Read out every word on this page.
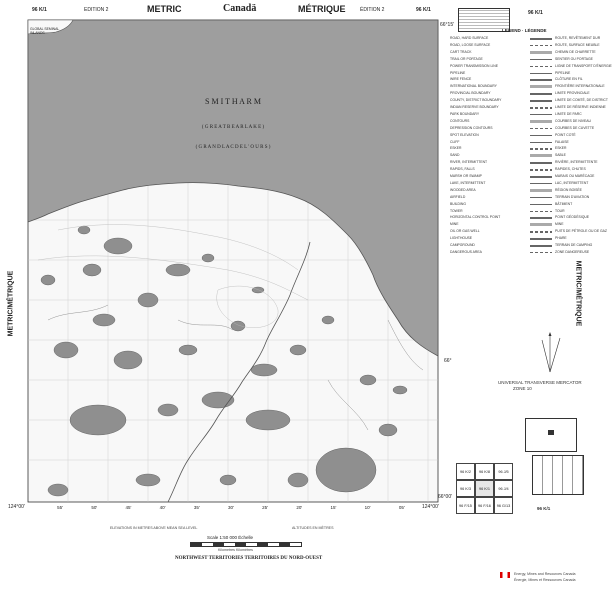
96 K/1	EDITION 2	METRIC	Canadä	MÉTRIQUE	ÉDITION 2	96 K/1	96 K/1
S M I T H A R M
( G R E A T B E A R L A K E )
( G R A N D L A C D E L ' O U R S )
66°15'
66°
124°00'	124°00'
66°00'
55'	50'	45'	40'	35'	30'	25'	20'	15'	10'	05'
METRIC/MÉTRIQUE	METRIC/MÉTRIQUE
LEGEND · LÉGENDE
ROAD, HARD SURFACE	ROUTE, REVÊTEMENT DUR
ROAD, LOOSE SURFACE	ROUTE, SURFACE MEUBLE
CART TRACK	CHEMIN DE CHARRETTE
TRAIL OR PORTAGE	SENTIER OU PORTAGE
POWER TRANSMISSION LINE	LIGNE DE TRANSPORT D'ÉNERGIE
PIPELINE	PIPELINE
WIRE FENCE	CLÔTURE EN FIL
INTERNATIONAL BOUNDARY	FRONTIÈRE INTERNATIONALE
PROVINCIAL BOUNDARY	LIMITE PROVINCIALE
COUNTY, DISTRICT BOUNDARY	LIMITE DE COMTÉ, DE DISTRICT
INDIAN RESERVE BOUNDARY	LIMITE DE RÉSERVE INDIENNE
PARK BOUNDARY	LIMITE DE PARC
CONTOURS	COURBES DE NIVEAU
DEPRESSION CONTOURS	COURBES DE CUVETTE
SPOT ELEVATION	POINT COTÉ
CLIFF	FALAISE
ESKER	ESKER
SAND	SABLE
RIVER, INTERMITTENT	RIVIÈRE, INTERMITTENTE
RAPIDS, FALLS	RAPIDES, CHUTES
MARSH OR SWAMP	MARAIS OU MARÉCAGE
LAKE, INTERMITTENT	LAC, INTERMITTENT
WOODED AREA	RÉGION BOISÉE
AIRFIELD	TERRAIN D'AVIATION
BUILDING	BÂTIMENT
TOWER	TOUR
HORIZONTAL CONTROL POINT	POINT GÉODÉSIQUE
MINE	MINE
OIL OR GAS WELL	PUITS DE PÉTROLE OU DE GAZ
LIGHTHOUSE	PHARE
CAMPGROUND	TERRAIN DE CAMPING
DANGEROUS AREA	ZONE DANGEREUSE
UNIVERSAL TRANSVERSE MERCATOR
ZONE 10
96 K/2	96 K/8	96 J/5
96 K/3	96 K/1	96 J/4
96 F/15	96 F/16	96 G/13
96 K/1
ELEVATIONS IN METRES ABOVE MEAN SEA LEVEL	ALTITUDES EN MÈTRES
Scale 1:50 000 Échelle
Kilometres Kilomètres
NORTHWEST TERRITORIES TERRITOIRES DU NORD-OUEST
Energy, Mines and Resources Canada
Énergie, Mines et Ressources Canada
GLOBAL SEMINAL
INLANDS
